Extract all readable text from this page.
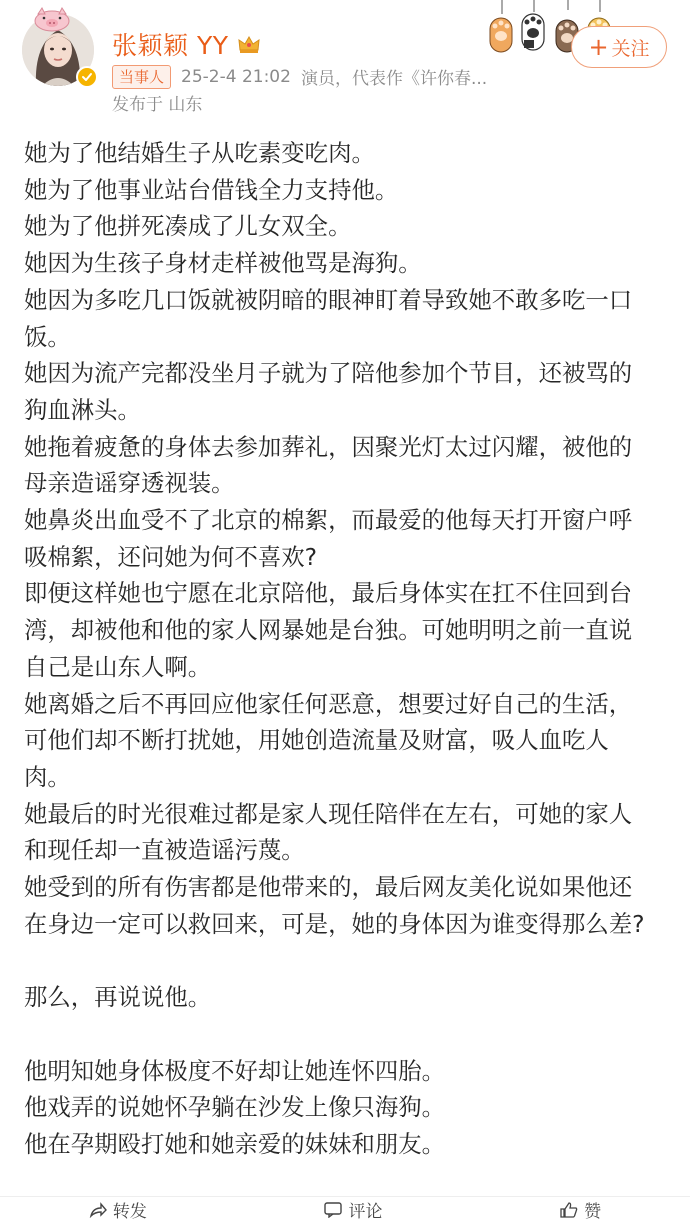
张颖颖 YY
当事人	25-2-4 21:02 演员，代表作《许你春...
发布于 山东
+ 关注

她为了他结婚生子从吃素变吃肉。

她为了他事业站台借钱全力支持他。

她为了他拼死凑成了儿女双全。

她因为生孩子身材走样被他骂是海狗。

她因为多吃几口饭就被阴暗的眼神盯着导致她不敢多吃一口饭。

她因为流产完都没坐月子就为了陪他参加个节目，还被骂的狗血淋头。

她拖着疲惫的身体去参加葬礼，因聚光灯太过闪耀，被他的母亲造谣穿透视装。

她鼻炎出血受不了北京的棉絮，而最爱的他每天打开窗户呼吸棉絮，还问她为何不喜欢?

即便这样她也宁愿在北京陪他，最后身体实在扛不住回到台湾，却被他和他的家人网暴她是台独。可她明明之前一直说自己是山东人啊。

她离婚之后不再回应他家任何恶意，想要过好自己的生活，可他们却不断打扰她，用她创造流量及财富，吸人血吃人肉。

她最后的时光很难过都是家人现任陪伴在左右，可她的家人和现任却一直被造谣污蔑。

她受到的所有伤害都是他带来的，最后网友美化说如果他还在身边一定可以救回来，可是，她的身体因为谁变得那么差?

那么，再说说他。

他明知她身体极度不好却让她连怀四胎。

他戏弄的说她怀孕躺在沙发上像只海狗。

他在孕期殴打她和她亲爱的妹妹和朋友。

转发	评论	赞
